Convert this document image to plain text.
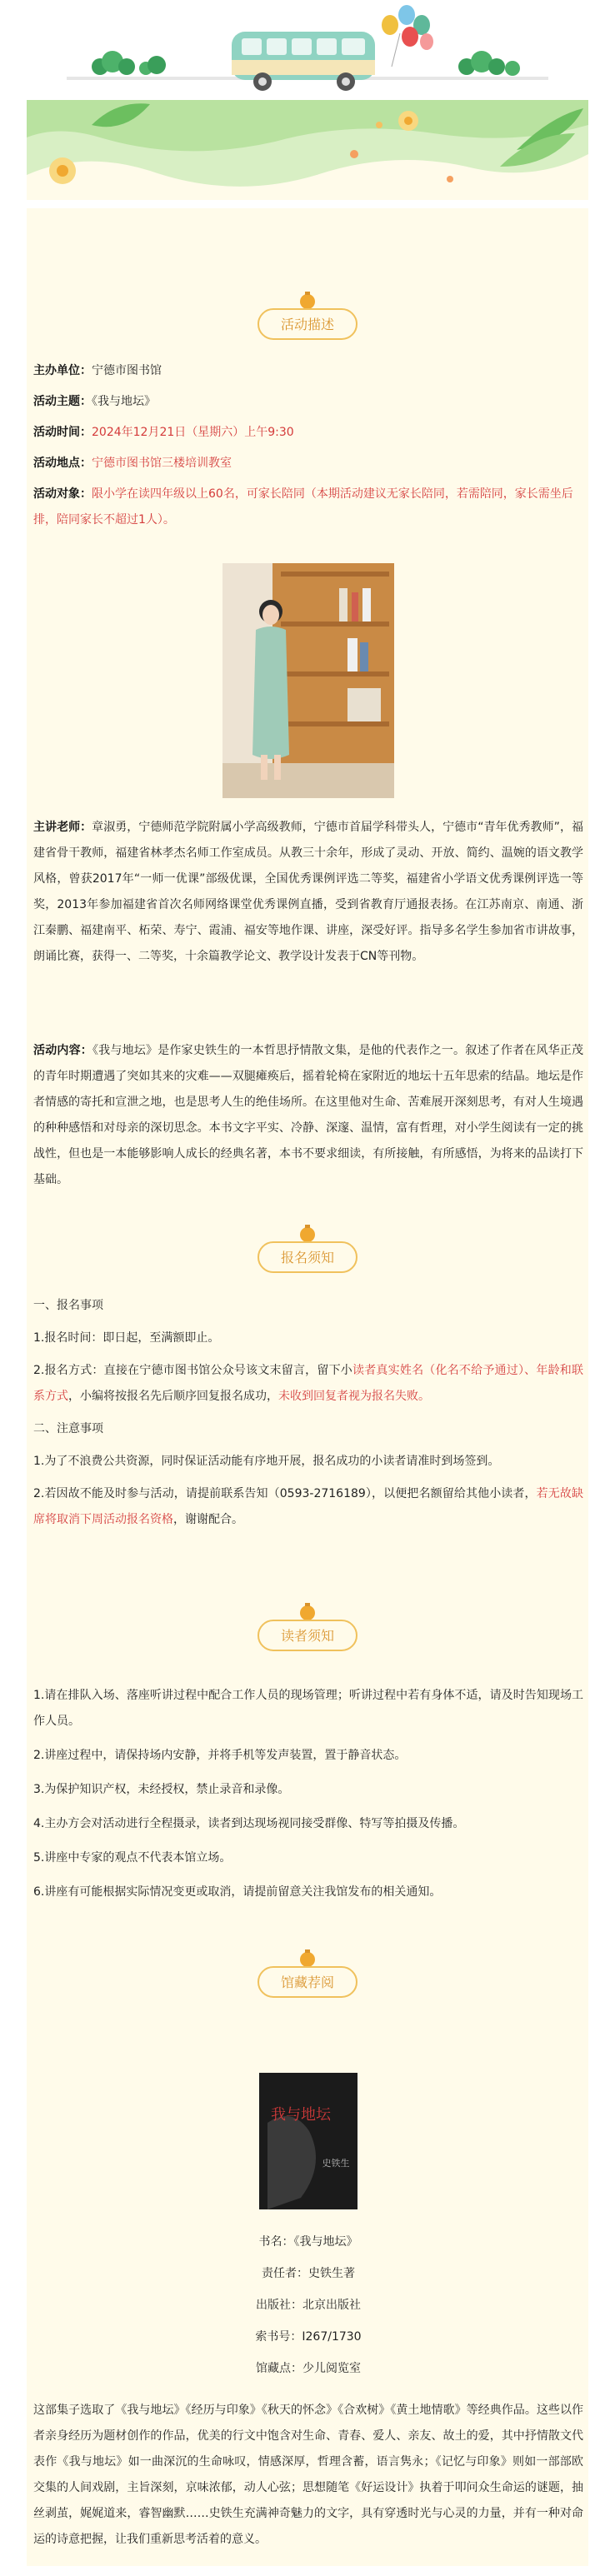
活动描述

主办单位：宁德市图书馆

活动主题：《我与地坛》

活动时间：2024年12月21日（星期六）上午9:30

活动地点：宁德市图书馆三楼培训教室

活动对象：限小学在读四年级以上60名，可家长陪同（本期活动建议无家长陪同，若需陪同，家长需坐后排，陪同家长不超过1人）。

主讲老师：章淑勇，宁德师范学院附属小学高级教师，宁德市首届学科带头人，宁德市“青年优秀教师”，福建省骨干教师，福建省林孝杰名师工作室成员。从教三十余年，形成了灵动、开放、简约、温婉的语文教学风格，曾获2017年“一师一优课”部级优课，全国优秀课例评选二等奖，福建省小学语文优秀课例评选一等奖，2013年参加福建省首次名师网络课堂优秀课例直播，受到省教育厅通报表扬。在江苏南京、南通、浙江秦鹏、福建南平、柘荣、寿宁、霞浦、福安等地作课、讲座，深受好评。指导多名学生参加省市讲故事，朗诵比赛，获得一、二等奖，十余篇教学论文、教学设计发表于CN等刊物。

活动内容：《我与地坛》是作家史铁生的一本哲思抒情散文集，是他的代表作之一。叙述了作者在风华正茂的青年时期遭遇了突如其来的灾难——双腿瘫痪后，摇着轮椅在家附近的地坛十五年思索的结晶。地坛是作者情感的寄托和宣泄之地，也是思考人生的绝佳场所。在这里他对生命、苦难展开深刻思考，有对人生境遇的种种感悟和对母亲的深切思念。本书文字平实、冷静、深邃、温情，富有哲理，对小学生阅读有一定的挑战性，但也是一本能够影响人成长的经典名著，本书不要求细读，有所接触，有所感悟，为将来的品读打下基础。

报名须知

一、报名事项

1.报名时间：即日起，至满额即止。

2.报名方式：直接在宁德市图书馆公众号该文末留言，留下小读者真实姓名（化名不给予通过）、年龄和联系方式，小编将按报名先后顺序回复报名成功，未收到回复者视为报名失败。

二、注意事项

1.为了不浪费公共资源，同时保证活动能有序地开展，报名成功的小读者请准时到场签到。

2.若因故不能及时参与活动，请提前联系告知（0593-2716189），以便把名额留给其他小读者，若无故缺席将取消下周活动报名资格，谢谢配合。

读者须知

1.请在排队入场、落座听讲过程中配合工作人员的现场管理；听讲过程中若有身体不适，请及时告知现场工作人员。

2.讲座过程中，请保持场内安静，并将手机等发声装置，置于静音状态。

3.为保护知识产权，未经授权，禁止录音和录像。

4.主办方会对活动进行全程摄录，读者到达现场视同接受群像、特写等拍摄及传播。

5.讲座中专家的观点不代表本馆立场。

6.讲座有可能根据实际情况变更或取消，请提前留意关注我馆发布的相关通知。

馆藏荐阅
我与地坛
史铁生
书名：《我与地坛》
责任者：史铁生著
出版社：北京出版社
索书号：I267/1730
馆藏点：少儿阅览室

这部集子选取了《我与地坛》《经历与印象》《秋天的怀念》《合欢树》《黄土地情歌》等经典作品。这些以作者亲身经历为题材创作的作品，优美的行文中饱含对生命、青春、爱人、亲友、故土的爱，其中抒情散文代表作《我与地坛》如一曲深沉的生命咏叹，情感深厚，哲理含蓄，语言隽永；《记忆与印象》则如一部部欧交集的人间戏剧，主旨深刻，京味浓郁，动人心弦；思想随笔《好运设计》执着于叩问众生命运的谜题，抽丝剥茧，娓娓道来，睿智幽默……史铁生充满神奇魅力的文字，具有穿透时光与心灵的力量，并有一种对命运的诗意把握，让我们重新思考活着的意义。
